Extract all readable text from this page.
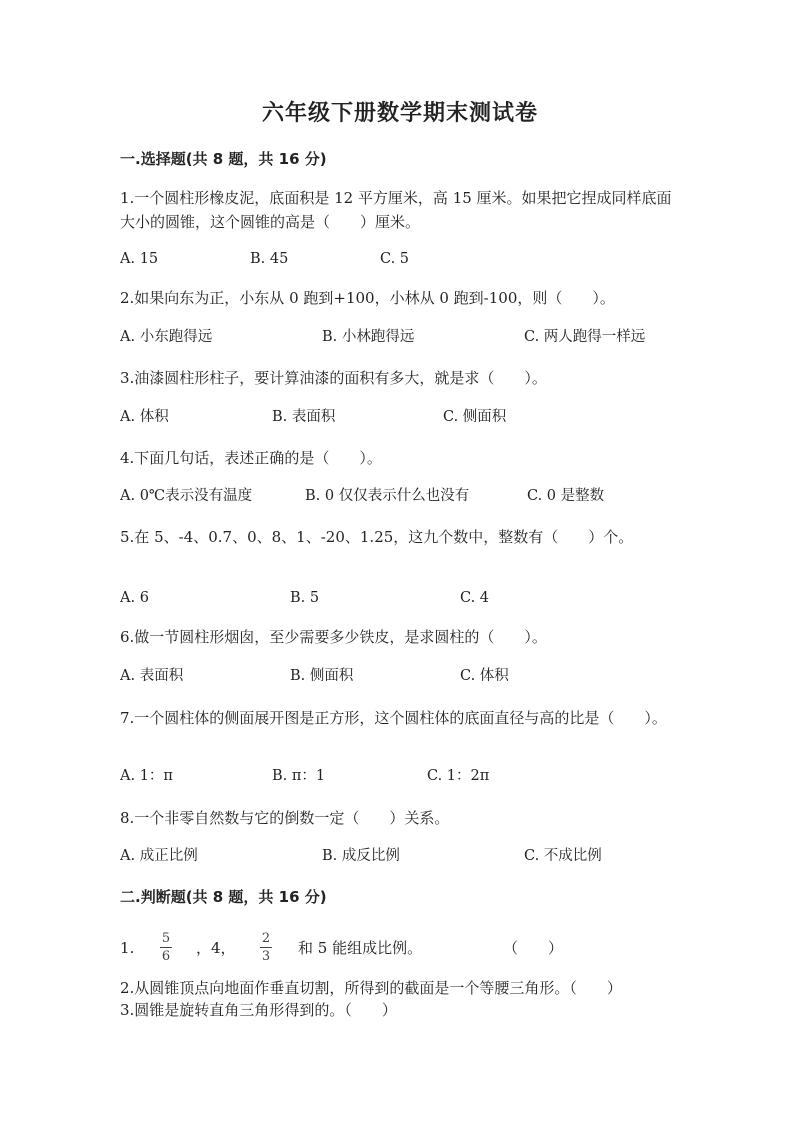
六年级下册数学期末测试卷
一.选择题(共 8 题，共 16 分)
1.一个圆柱形橡皮泥，底面积是 12 平方厘米，高 15 厘米。如果把它捏成同样底面大小的圆锥，这个圆锥的高是（　　）厘米。
A. 15	B. 45	C. 5
2.如果向东为正，小东从 0 跑到+100，小林从 0 跑到-100，则（　　）。
A. 小东跑得远	B. 小林跑得远	C. 两人跑得一样远
3.油漆圆柱形柱子，要计算油漆的面积有多大，就是求（　　）。
A. 体积	B. 表面积	C. 侧面积
4.下面几句话，表述正确的是（　　）。
A. 0℃表示没有温度	B. 0 仅仅表示什么也没有	C. 0 是整数
5.在 5、-4、0.7、0、8、1、-20、1.25，这九个数中，整数有（　　）个。
A. 6	B. 5	C. 4
6.做一节圆柱形烟囱，至少需要多少铁皮，是求圆柱的（　　）。
A. 表面积	B. 侧面积	C. 体积
7.一个圆柱体的侧面展开图是正方形，这个圆柱体的底面直径与高的比是（　　）。
A. 1：π	B. π：1	C. 1：2π
8.一个非零自然数与它的倒数一定（　　）关系。
A. 成正比例	B. 成反比例	C. 不成比例
二.判断题(共 8 题，共 16 分)
1.
5
6 ，4，
2
3 和 5 能组成比例。	（　　）
2.从圆锥顶点向地面作垂直切割，所得到的截面是一个等腰三角形。（　　）
3.圆锥是旋转直角三角形得到的。（　　）
